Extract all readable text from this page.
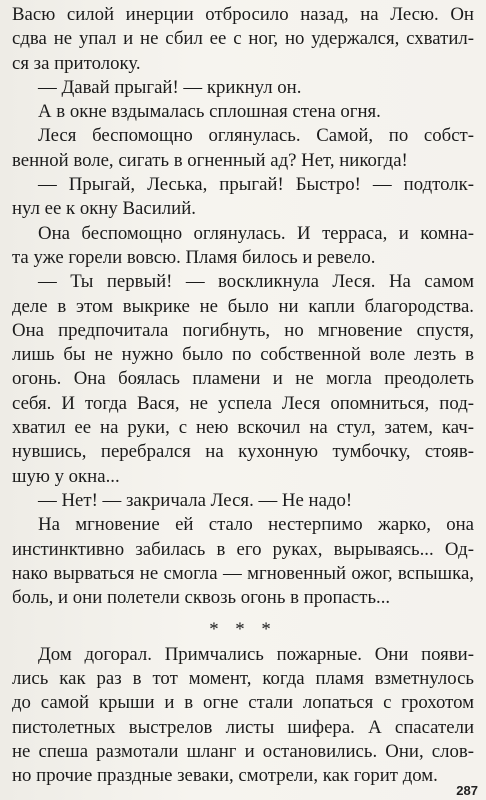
Васю силой инерции отбросило назад, на Лесю. Он
сдва не упал и не сбил ее с ног, но удержался, схватил-
ся за притолоку.
— Давай прыгай! — крикнул он.
А в окне вздымалась сплошная стена огня.
Леся беспомощно оглянулась. Самой, по собст-
венной воле, сигать в огненный ад? Нет, никогда!
— Прыгай, Леська, прыгай! Быстро! — подтолк-
нул ее к окну Василий.
Она беспомощно оглянулась. И терраса, и комна-
та уже горели вовсю. Пламя билось и ревело.
— Ты первый! — воскликнула Леся. На самом
деле в этом выкрике не было ни капли благородства.
Она предпочитала погибнуть, но мгновение спустя,
лишь бы не нужно было по собственной воле лезть в
огонь. Она боялась пламени и не могла преодолеть
себя. И тогда Вася, не успела Леся опомниться, под-
хватил ее на руки, с нею вскочил на стул, затем, кач-
нувшись, перебрался на кухонную тумбочку, стояв-
шую у окна...
— Нет! — закричала Леся. — Не надо!
На мгновение ей стало нестерпимо жарко, она
инстинктивно забилась в его руках, вырываясь... Од-
нако вырваться не смогла — мгновенный ожог, вспышка,
боль, и они полетели сквозь огонь в пропасть...
* * *
Дом догорал. Примчались пожарные. Они появи-
лись как раз в тот момент, когда пламя взметнулось
до самой крыши и в огне стали лопаться с грохотом
пистолетных выстрелов листы шифера. А спасатели
не спеша размотали шланг и остановились. Они, слов-
но прочие праздные зеваки, смотрели, как горит дом.
287
